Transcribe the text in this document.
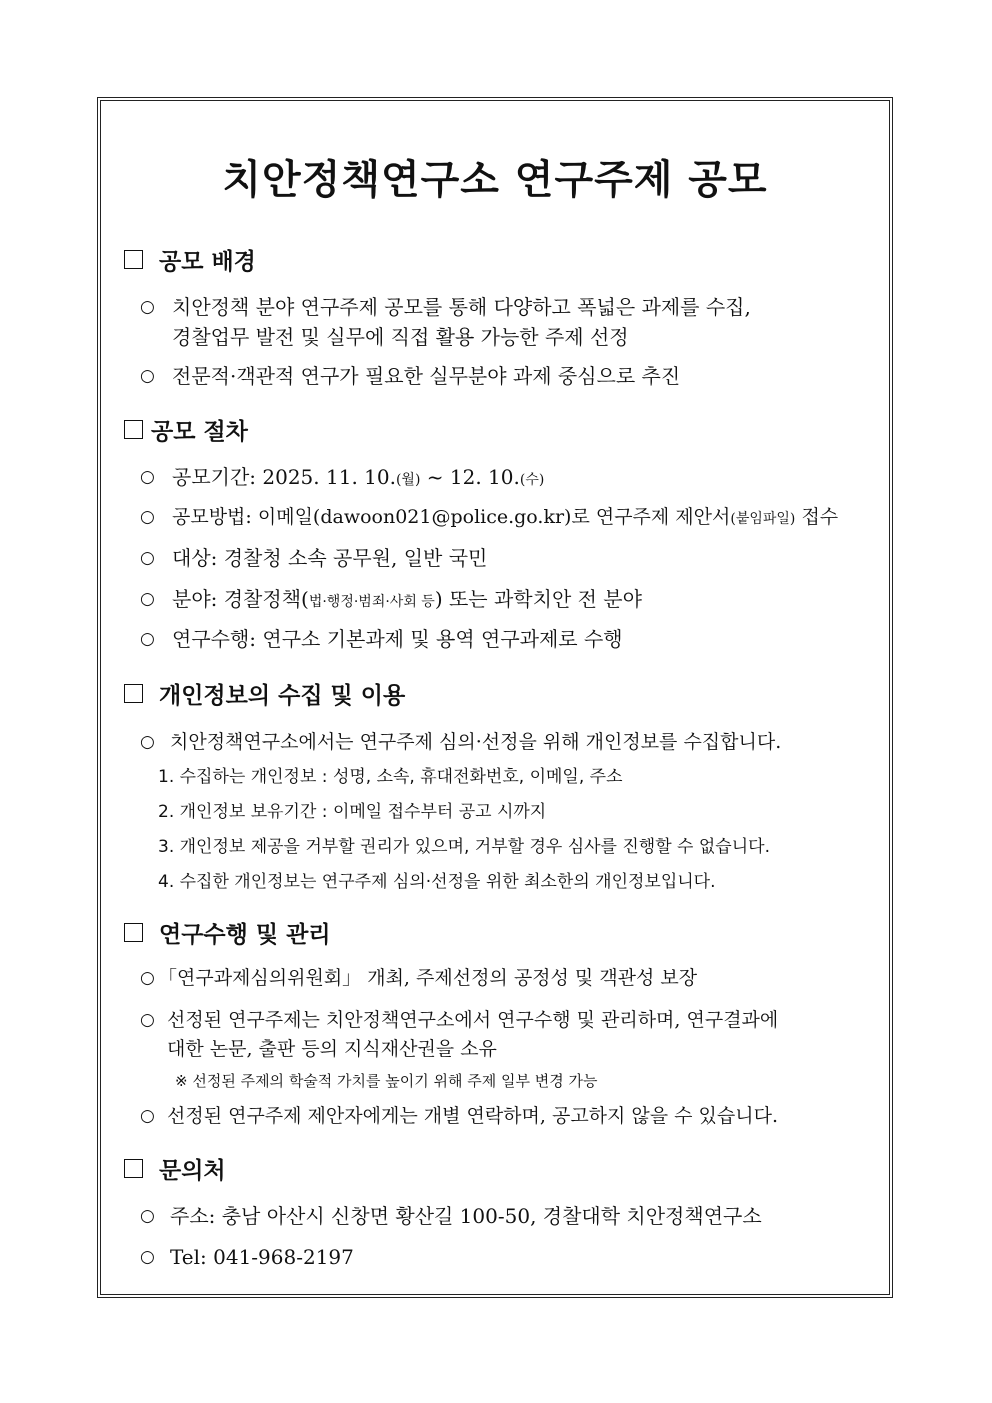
치안정책연구소 연구주제 공모
공모 배경
○ 치안정책 분야 연구주제 공모를 통해 다양하고 폭넓은 과제를 수집,
경찰업무 발전 및 실무에 직접 활용 가능한 주제 선정
○ 전문적·객관적 연구가 필요한 실무분야 과제 중심으로 추진
공모 절차
○ 공모기간: 2025. 11. 10.(월) ~ 12. 10.(수)
○ 공모방법: 이메일(dawoon021@police.go.kr)로 연구주제 제안서(붙임파일) 접수
○ 대상: 경찰청 소속 공무원, 일반 국민
○ 분야: 경찰정책(법·행정·범죄·사회 등) 또는 과학치안 전 분야
○ 연구수행: 연구소 기본과제 및 용역 연구과제로 수행
개인정보의 수집 및 이용
○ 치안정책연구소에서는 연구주제 심의·선정을 위해 개인정보를 수집합니다.
1. 수집하는 개인정보 : 성명, 소속, 휴대전화번호, 이메일, 주소
2. 개인정보 보유기간 : 이메일 접수부터 공고 시까지
3. 개인정보 제공을 거부할 권리가 있으며, 거부할 경우 심사를 진행할 수 없습니다.
4. 수집한 개인정보는 연구주제 심의·선정을 위한 최소한의 개인정보입니다.
연구수행 및 관리
○ 「연구과제심의위원회」 개최, 주제선정의 공정성 및 객관성 보장
○ 선정된 연구주제는 치안정책연구소에서 연구수행 및 관리하며, 연구결과에
대한 논문, 출판 등의 지식재산권을 소유
※ 선정된 주제의 학술적 가치를 높이기 위해 주제 일부 변경 가능
○ 선정된 연구주제 제안자에게는 개별 연락하며, 공고하지 않을 수 있습니다.
문의처
○ 주소: 충남 아산시 신창면 황산길 100-50, 경찰대학 치안정책연구소
○ Tel: 041-968-2197
